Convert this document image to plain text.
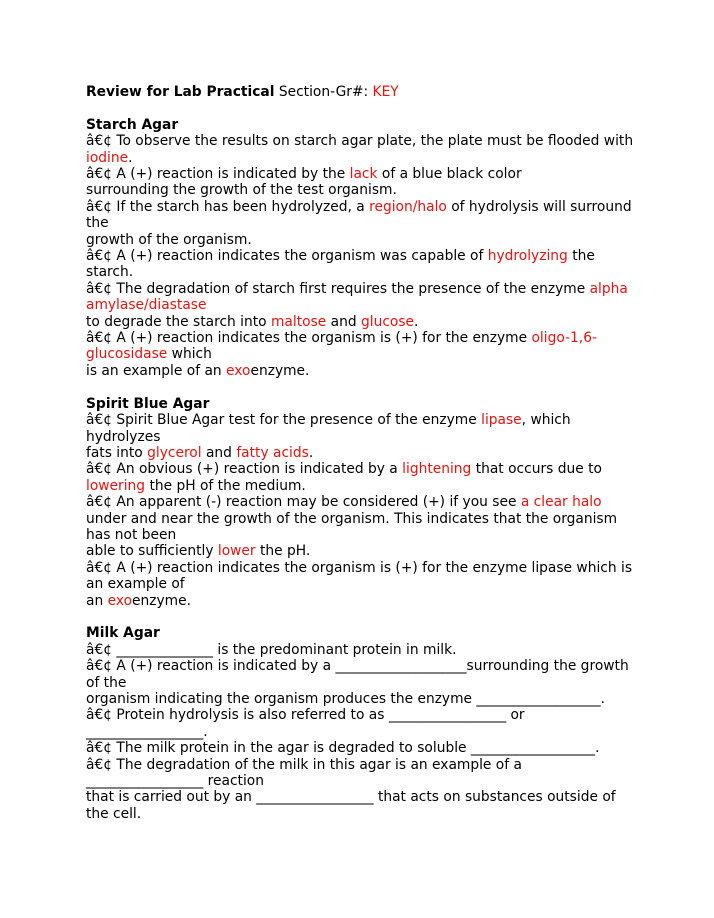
Review for Lab Practical Section-Gr#: KEY
Starch Agar
â€¢ To observe the results on starch agar plate, the plate must be flooded with
iodine.
â€¢ A (+) reaction is indicated by the lack of a blue black color
surrounding the growth of the test organism.
â€¢ If the starch has been hydrolyzed, a region/halo of hydrolysis will surround
the
growth of the organism.
â€¢ A (+) reaction indicates the organism was capable of hydrolyzing the
starch.
â€¢ The degradation of starch first requires the presence of the enzyme alpha
amylase/diastase
to degrade the starch into maltose and glucose.
â€¢ A (+) reaction indicates the organism is (+) for the enzyme oligo-1,6-
glucosidase which
is an example of an exoenzyme.
Spirit Blue Agar
â€¢ Spirit Blue Agar test for the presence of the enzyme lipase, which
hydrolyzes
fats into glycerol and fatty acids.
â€¢ An obvious (+) reaction is indicated by a lightening that occurs due to
lowering the pH of the medium.
â€¢ An apparent (-) reaction may be considered (+) if you see a clear halo
under and near the growth of the organism. This indicates that the organism
has not been
able to sufficiently lower the pH.
â€¢ A (+) reaction indicates the organism is (+) for the enzyme lipase which is
an example of
an exoenzyme.
Milk Agar
â€¢ ______________ is the predominant protein in milk.
â€¢ A (+) reaction is indicated by a ___________________surrounding the growth
of the
organism indicating the organism produces the enzyme __________________.
â€¢ Protein hydrolysis is also referred to as _________________ or
_________________.
â€¢ The milk protein in the agar is degraded to soluble __________________.
â€¢ The degradation of the milk in this agar is an example of a
_________________ reaction
that is carried out by an _________________ that acts on substances outside of
the cell.
